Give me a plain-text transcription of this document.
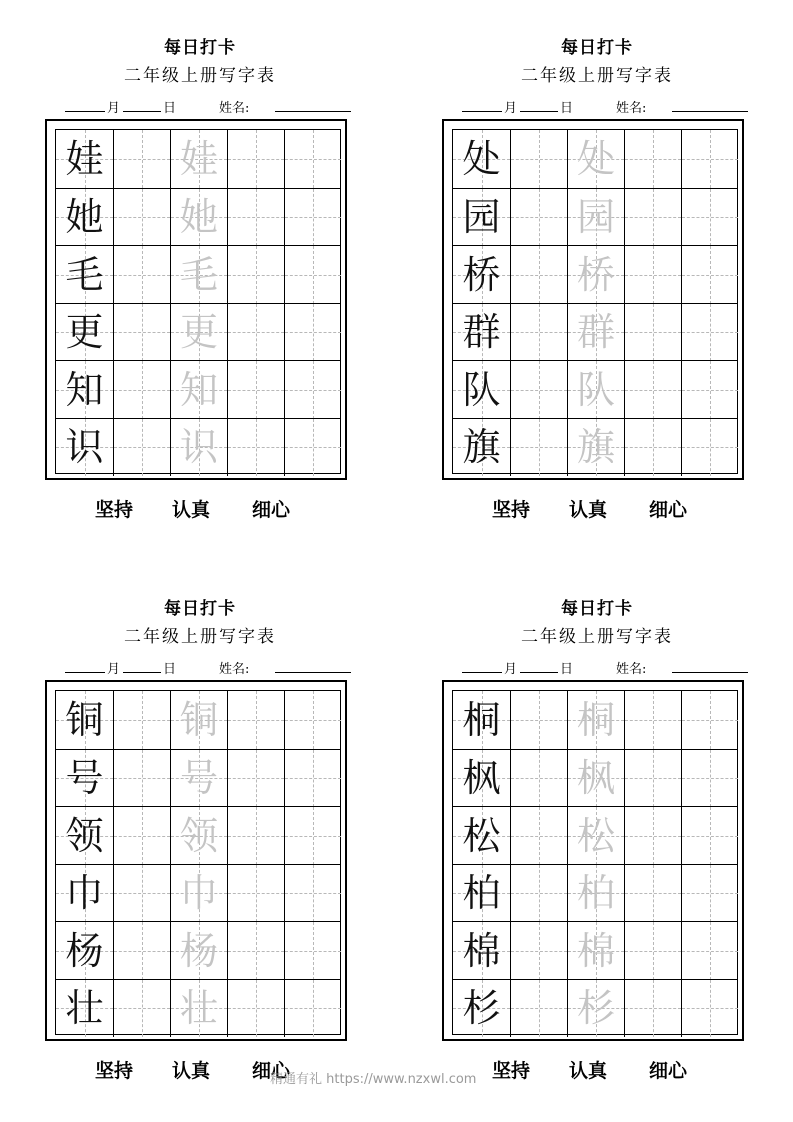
每日打卡
二年级上册写字表
月	日	姓名:
娃 娃
她 她
毛 毛
更 更
知 知
识 识
坚持 认真 细心
每日打卡
二年级上册写字表
月	日	姓名:
处 处
园 园
桥 桥
群 群
队 队
旗 旗
坚持 认真 细心
每日打卡
二年级上册写字表
月	日	姓名:
铜 铜
号 号
领 领
巾 巾
杨 杨
壮 壮
坚持 认真 细心
每日打卡
二年级上册写字表
月	日	姓名:
桐 桐
枫 枫
松 松
柏 柏
棉 棉
杉 杉
坚持 认真 细心
精通有礼 https://www.nzxwl.com
